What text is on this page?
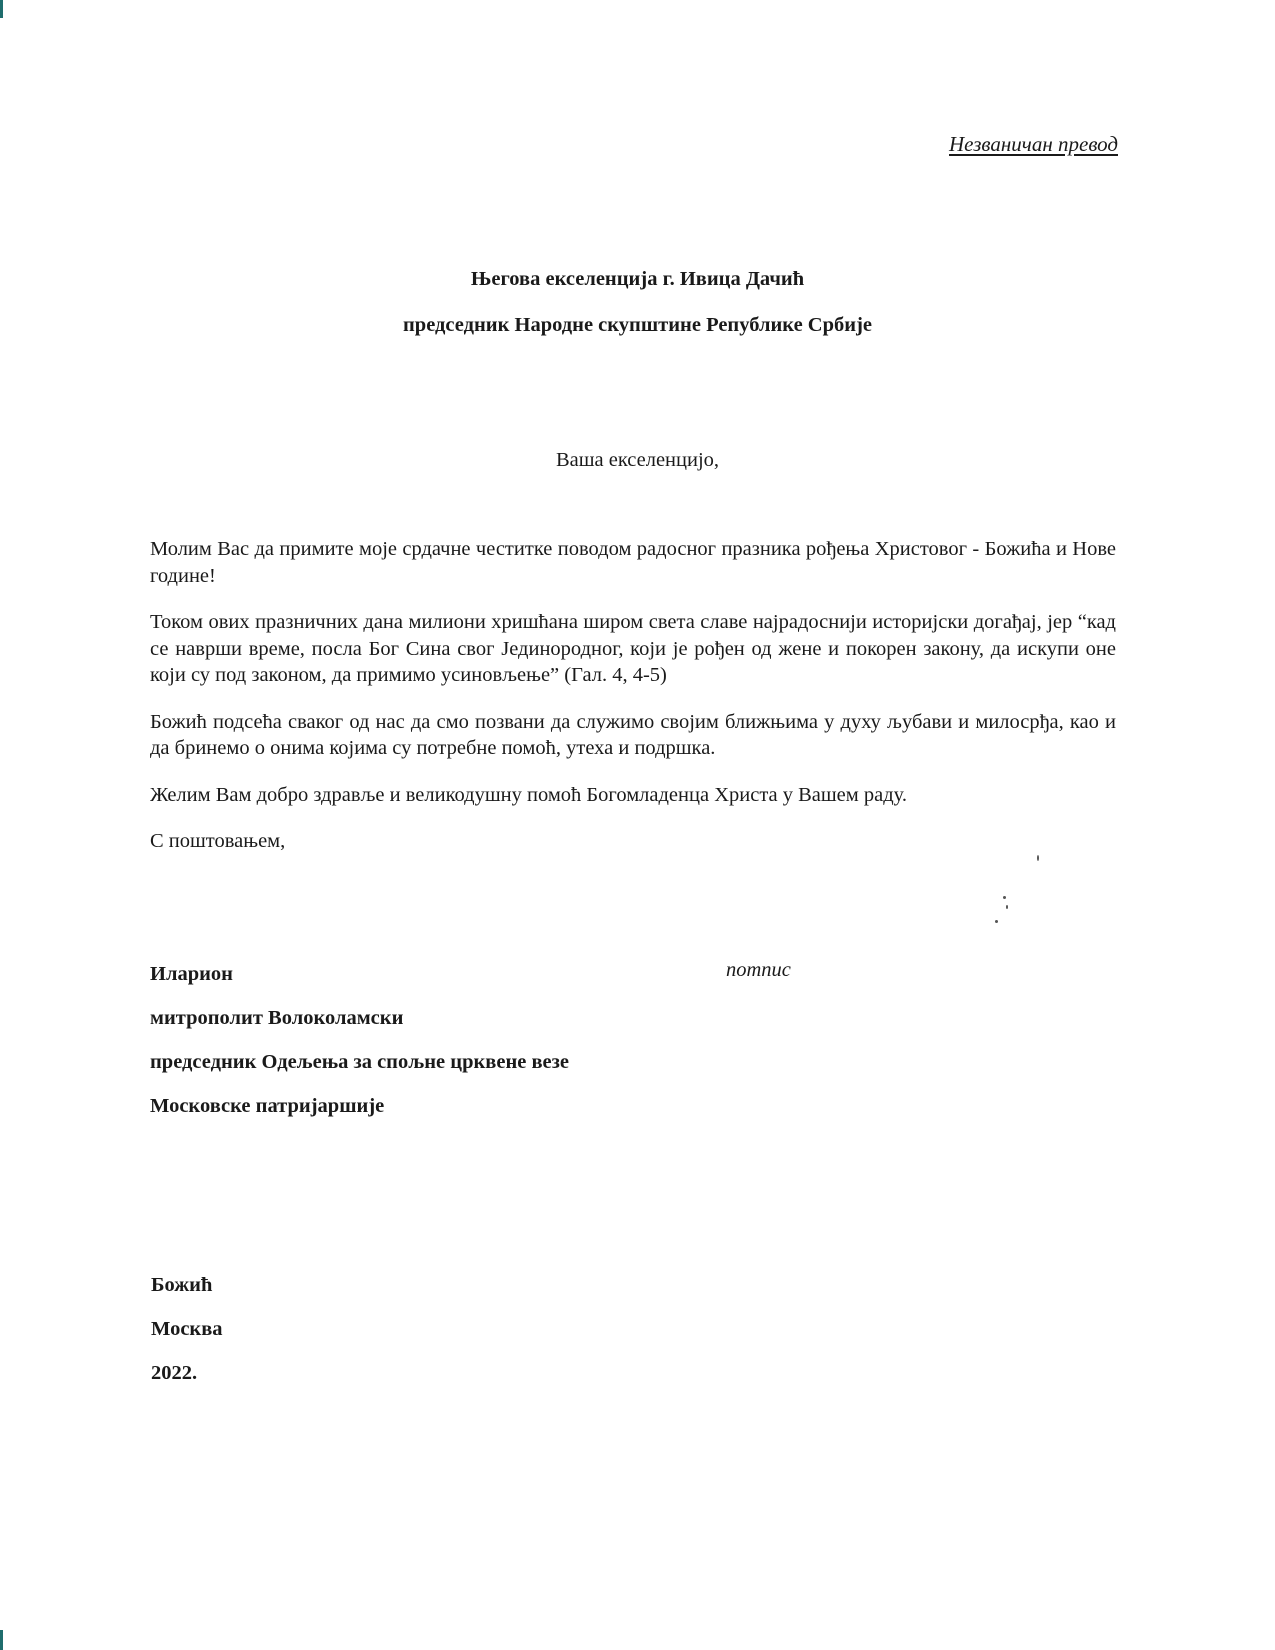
Незваничан превод
Његова екселенција г. Ивица Дачић
председник Народне скупштине Републике Србије
Ваша екселенцијо,

Молим Вас да примите моје срдачне честитке поводом радосног празника рођења Христовог - Божића и Нове године!

Током ових празничних дана милиони хришћана широм света славе најрадоснији историјски догађај, јер “кад се наврши време, посла Бог Сина свог Јединородног, који је рођен од жене и покорен закону, да искупи оне који су под законом, да примимо усиновљење” (Гал. 4, 4-5)

Божић подсећа сваког од нас да смо позвани да служимо својим ближњима у духу љубави и милосрђа, као и да бринемо о онима којима су потребне помоћ, утеха и подршка.

Желим Вам добро здравље и великодушну помоћ Богомладенца Христа у Вашем раду.

С поштовањем,

потпис
Иларион
митрополит Волоколамски
председник Одељења за спољне црквене везе
Московске патријаршије
Божић
Москва
2022.
